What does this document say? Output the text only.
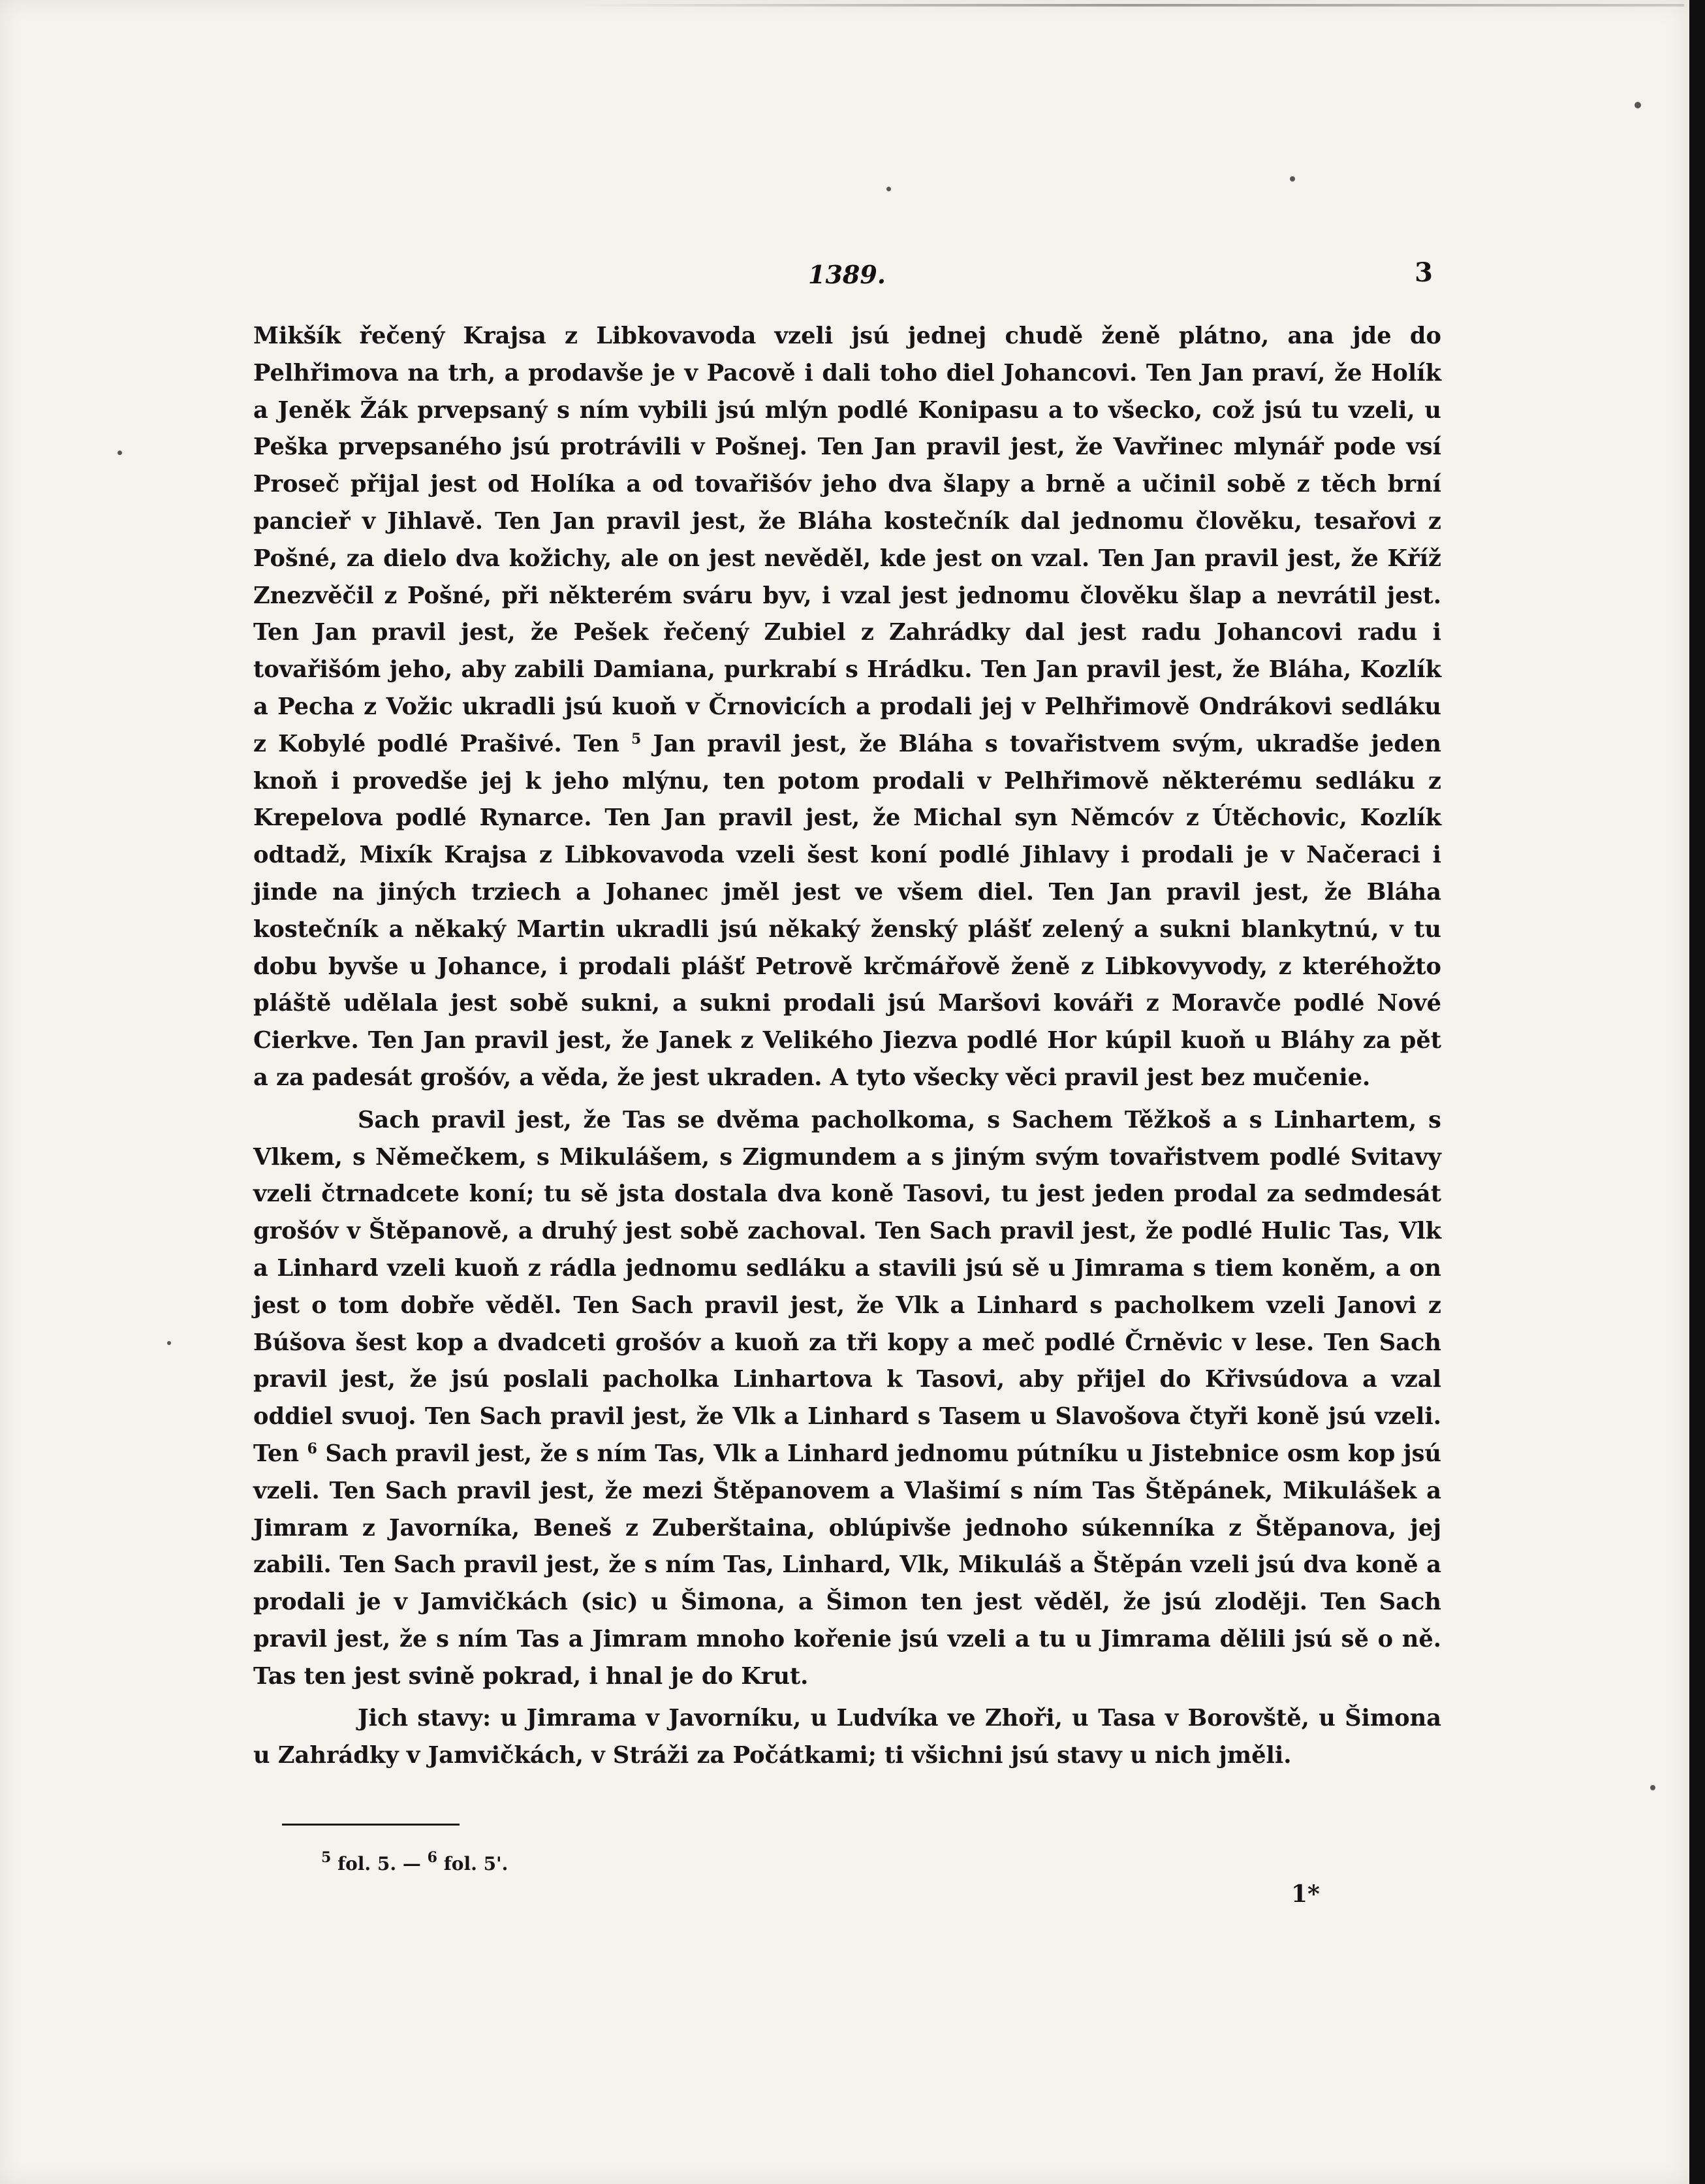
1389.	3

Mikšík řečený Krajsa z Libkovavoda vzeli jsú jednej chudě ženě plátno, ana jde do Pelhřimova na trh, a prodavše je v Pacově i dali toho diel Johancovi. Ten Jan praví, že Holík a Jeněk Žák prvepsaný s ním vybili jsú mlýn podlé Konipasu a to všecko, což jsú tu vzeli, u Peška prvepsaného jsú protrávili v Pošnej. Ten Jan pravil jest, že Vavřinec mlynář pode vsí Proseč přijal jest od Holíka a od tovařišóv jeho dva šlapy a brně a učinil sobě z těch brní pancieř v Jihlavě. Ten Jan pravil jest, že Bláha kostečník dal jednomu člověku, tesařovi z Pošné, za dielo dva kožichy, ale on jest nevěděl, kde jest on vzal. Ten Jan pravil jest, že Kříž Znezvěčil z Pošné, při některém sváru byv, i vzal jest jednomu člověku šlap a nevrátil jest. Ten Jan pravil jest, že Pešek řečený Zubiel z Zahrádky dal jest radu Johancovi radu i tovařišóm jeho, aby zabili Damiana, purkrabí s Hrádku. Ten Jan pravil jest, že Bláha, Kozlík a Pecha z Vožic ukradli jsú kuoň v Črnovicích a prodali jej v Pelhřimově Ondrákovi sedláku z Kobylé podlé Prašivé. Ten $^5$ Jan pravil jest, že Bláha s tovařistvem svým, ukradše jeden knoň i provedše jej k jeho mlýnu, ten potom prodali v Pelhřimově některému sedláku z Krepelova podlé Rynarce. Ten Jan pravil jest, že Michal syn Němcóv z Útěchovic, Kozlík odtadž, Mixík Krajsa z Libkovavoda vzeli šest koní podlé Jihlavy i prodali je v Načeraci i jinde na jiných trziech a Johanec jměl jest ve všem diel. Ten Jan pravil jest, že Bláha kostečník a někaký Martin ukradli jsú někaký ženský plášť zelený a sukni blankytnú, v tu dobu byvše u Johance, i prodali plášť Petrově krčmářově ženě z Libkovyvody, z kteréhožto pláště udělala jest sobě sukni, a sukni prodali jsú Maršovi kováři z Moravče podlé Nové Cierkve. Ten Jan pravil jest, že Janek z Velikého Jiezva podlé Hor kúpil kuoň u Bláhy za pět a za padesát grošóv, a věda, že jest ukraden. A tyto všecky věci pravil jest bez mučenie.

Sach pravil jest, že Tas se dvěma pacholkoma, s Sachem Těžkoš a s Linhartem, s Vlkem, s Němečkem, s Mikulášem, s Zigmundem a s jiným svým tovařistvem podlé Svitavy vzeli čtrnadcete koní; tu sě jsta dostala dva koně Tasovi, tu jest jeden prodal za sedmdesát grošóv v Štěpanově, a druhý jest sobě zachoval. Ten Sach pravil jest, že podlé Hulic Tas, Vlk a Linhard vzeli kuoň z rádla jednomu sedláku a stavili jsú sě u Jimrama s tiem koněm, a on jest o tom dobře věděl. Ten Sach pravil jest, že Vlk a Linhard s pacholkem vzeli Janovi z Búšova šest kop a dvadceti grošóv a kuoň za tři kopy a meč podlé Črněvic v lese. Ten Sach pravil jest, že jsú poslali pacholka Linhartova k Tasovi, aby přijel do Křivsúdova a vzal oddiel svuoj. Ten Sach pravil jest, že Vlk a Linhard s Tasem u Slavošova čtyři koně jsú vzeli. Ten $^6$ Sach pravil jest, že s ním Tas, Vlk a Linhard jednomu pútníku u Jistebnice osm kop jsú vzeli. Ten Sach pravil jest, že mezi Štěpanovem a Vlašimí s ním Tas Štěpánek, Mikulášek a Jimram z Javorníka, Beneš z Zuberštaina, oblúpivše jednoho súkenníka z Štěpanova, jej zabili. Ten Sach pravil jest, že s ním Tas, Linhard, Vlk, Mikuláš a Štěpán vzeli jsú dva koně a prodali je v Jamvičkách (sic) u Šimona, a Šimon ten jest věděl, že jsú zloději. Ten Sach pravil jest, že s ním Tas a Jimram mnoho kořenie jsú vzeli a tu u Jimrama dělili jsú sě o ně. Tas ten jest svině pokrad, i hnal je do Krut.

Jich stavy: u Jimrama v Javorníku, u Ludvíka ve Zhoři, u Tasa v Borovště, u Šimona u Zahrádky v Jamvičkách, v Stráži za Počátkami; ti všichni jsú stavy u nich jměli.

$^5$ fol. 5. — $^6$ fol. 5'.
1*
